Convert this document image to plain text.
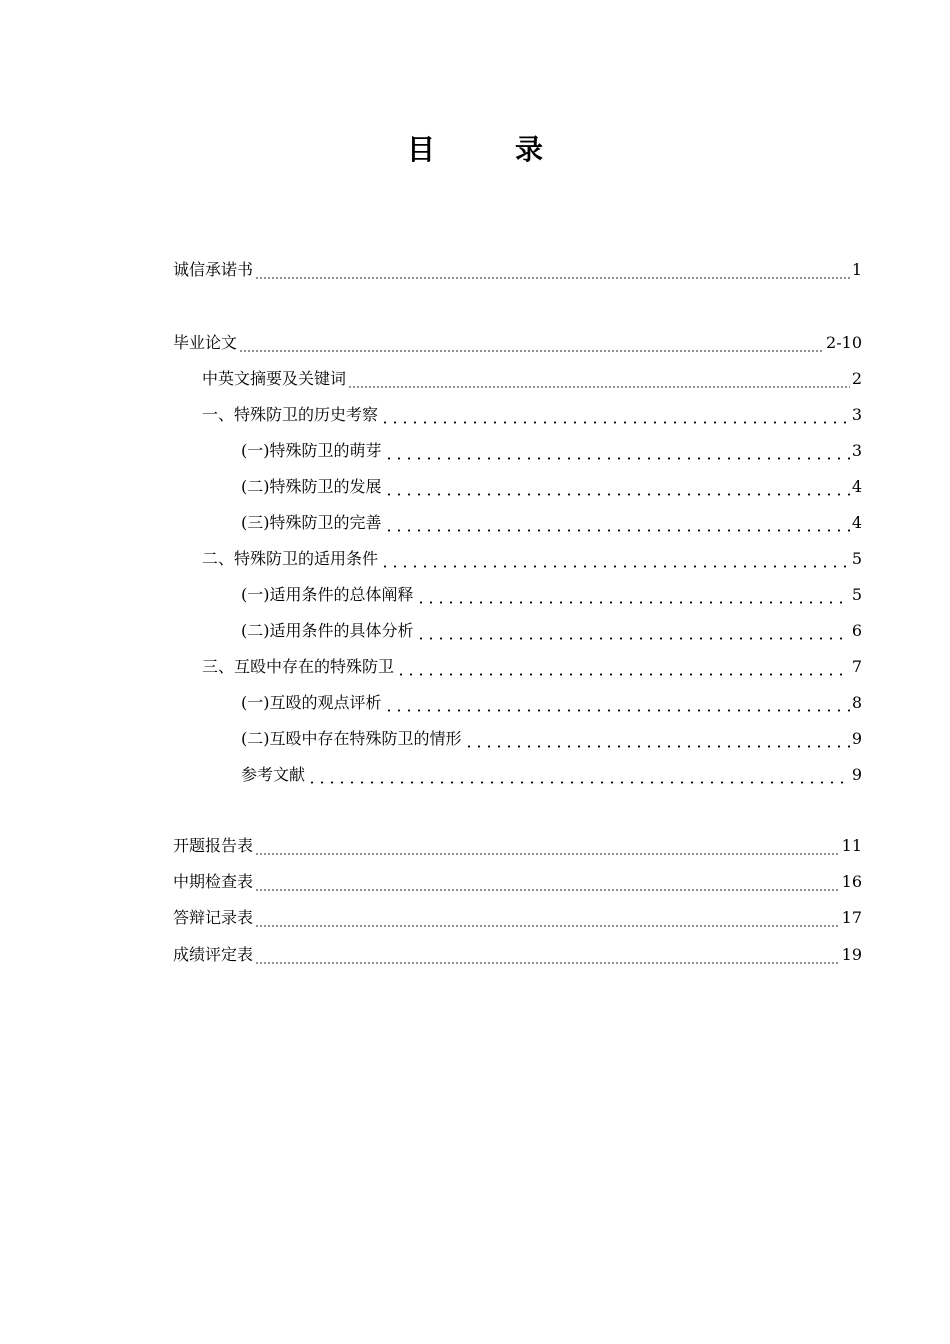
目　录
诚信承诺书	1
毕业论文	2-10
中英文摘要及关键词	2
一、特殊防卫的历史考察	3
(一)特殊防卫的萌芽	3
(二)特殊防卫的发展	4
(三)特殊防卫的完善	4
二、特殊防卫的适用条件	5
(一)适用条件的总体阐释	5
(二)适用条件的具体分析	6
三、互殴中存在的特殊防卫	7
(一)互殴的观点评析	8
(二)互殴中存在特殊防卫的情形	9
参考文献	9
开题报告表	11
中期检查表	16
答辩记录表	17
成绩评定表	19
